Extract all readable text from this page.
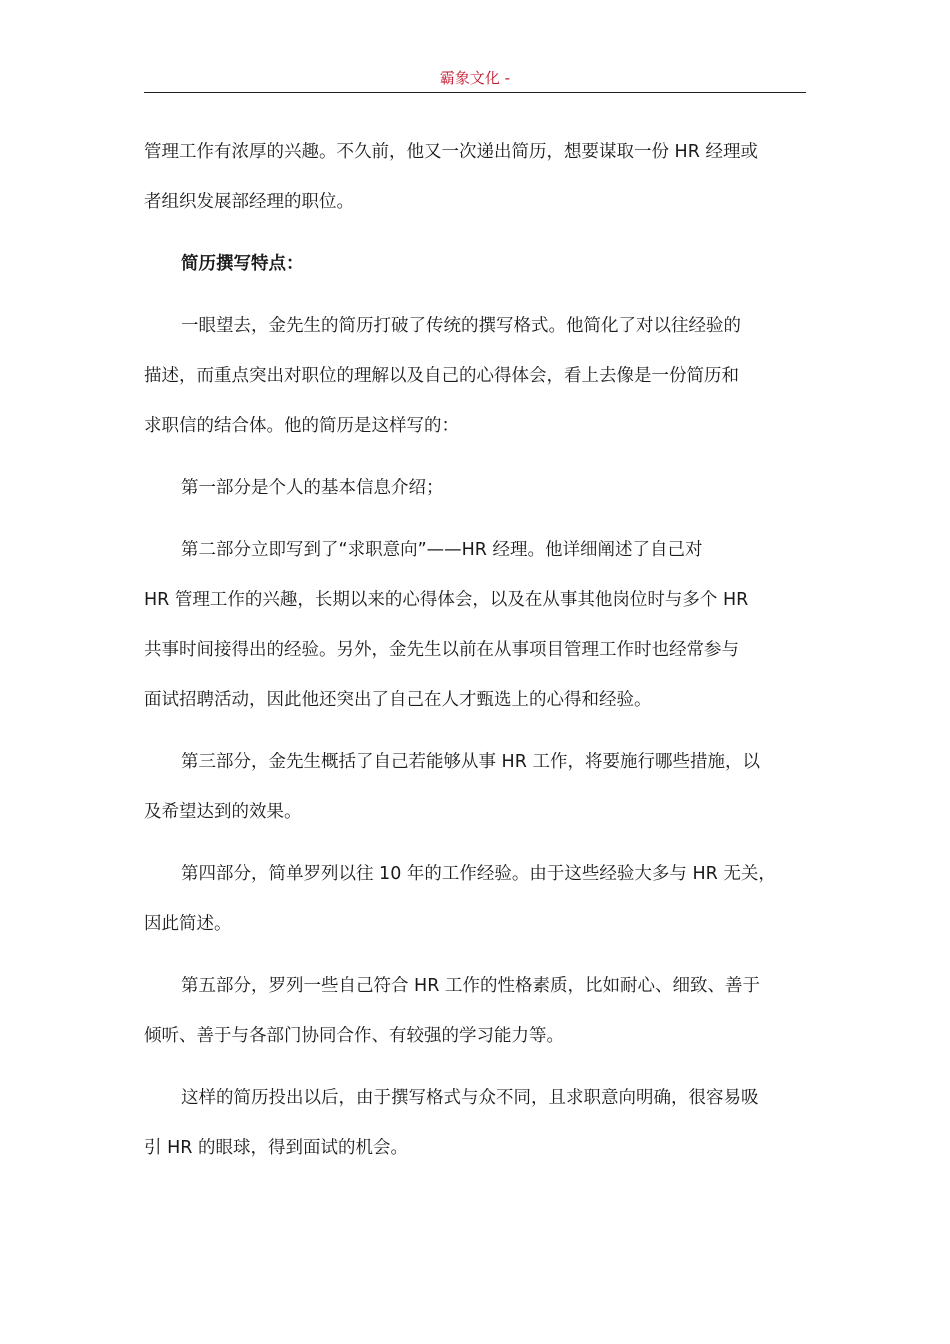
霸象文化 -

管理工作有浓厚的兴趣。不久前，他又一次递出简历，想要谋取一份 HR 经理或
者组织发展部经理的职位。

简历撰写特点：

一眼望去，金先生的简历打破了传统的撰写格式。他简化了对以往经验的
描述，而重点突出对职位的理解以及自己的心得体会，看上去像是一份简历和
求职信的结合体。他的简历是这样写的：

第一部分是个人的基本信息介绍；

第二部分立即写到了“求职意向”——HR 经理。他详细阐述了自己对
HR 管理工作的兴趣，长期以来的心得体会，以及在从事其他岗位时与多个 HR
共事时间接得出的经验。另外，金先生以前在从事项目管理工作时也经常参与
面试招聘活动，因此他还突出了自己在人才甄选上的心得和经验。

第三部分，金先生概括了自己若能够从事 HR 工作，将要施行哪些措施，以
及希望达到的效果。

第四部分，简单罗列以往 10 年的工作经验。由于这些经验大多与 HR 无关，
因此简述。

第五部分，罗列一些自己符合 HR 工作的性格素质，比如耐心、细致、善于
倾听、善于与各部门协同合作、有较强的学习能力等。

这样的简历投出以后，由于撰写格式与众不同，且求职意向明确，很容易吸
引 HR 的眼球，得到面试的机会。
